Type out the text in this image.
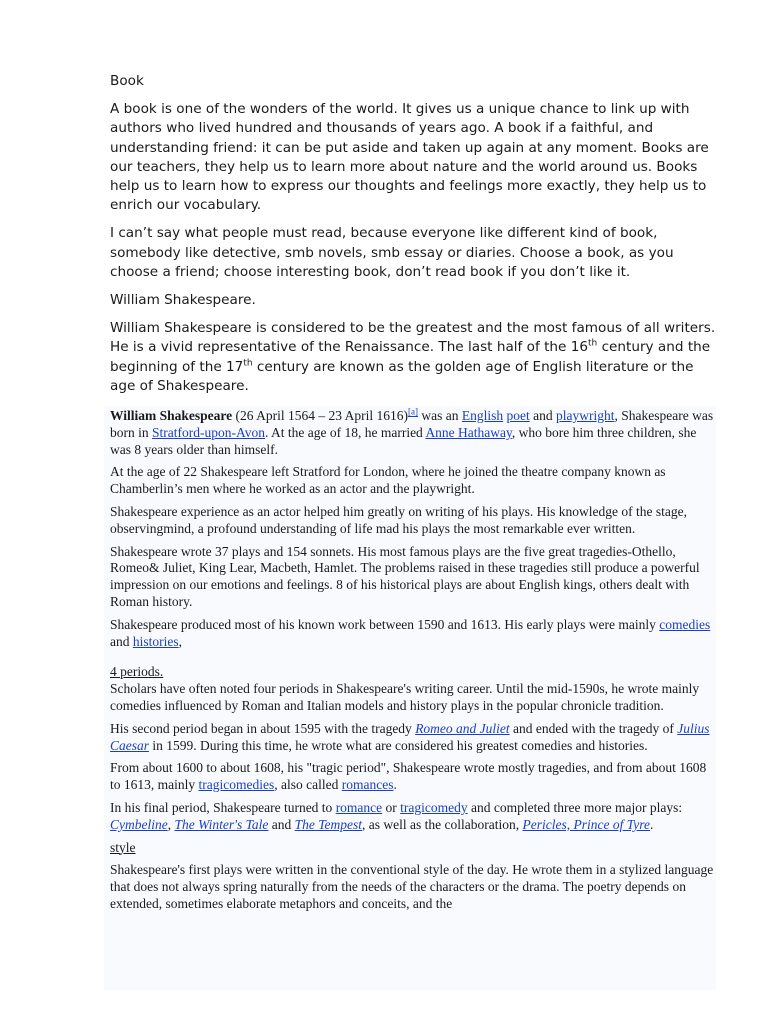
Book

A book is one of the wonders of the world. It gives us a unique chance to link up with authors who lived hundred and thousands of years ago. A book if a faithful, and understanding friend: it can be put aside and taken up again at any moment. Books are our teachers, they help us to learn more about nature and the world around us. Books help us to learn how to express our thoughts and feelings more exactly, they help us to enrich our vocabulary.

I can’t say what people must read, because everyone like different kind of book, somebody like detective, smb novels, smb essay or diaries. Choose a book, as you choose a friend; choose interesting book, don’t read book if you don’t like it.

William Shakespeare.

William Shakespeare is considered to be the greatest and the most famous of all writers. He is a vivid representative of the Renaissance. The last half of the 16th century and the beginning of the 17th century are known as the golden age of English literature or the age of Shakespeare.

William Shakespeare (26 April 1564 – 23 April 1616)[a] was an English poet and playwright, Shakespeare was born in Stratford-upon-Avon. At the age of 18, he married Anne Hathaway, who bore him three children, she was 8 years older than himself.

At the age of 22 Shakespeare left Stratford for London, where he joined the theatre company known as Chamberlin’s men where he worked as an actor and the playwright.

Shakespeare experience as an actor helped him greatly on writing of his plays. His knowledge of the stage, observingmind, a profound understanding of life mad his plays the most remarkable ever written.

Shakespeare wrote 37 plays and 154 sonnets. His most famous plays are the five great tragedies-Othello, Romeo& Juliet, King Lear, Macbeth, Hamlet. The problems raised in these tragedies still produce a powerful impression on our emotions and feelings. 8 of his historical plays are about English kings, others dealt with Roman history.

Shakespeare produced most of his known work between 1590 and 1613. His early plays were mainly comedies and histories,

4 periods.

Scholars have often noted four periods in Shakespeare's writing career. Until the mid-1590s, he wrote mainly comedies influenced by Roman and Italian models and history plays in the popular chronicle tradition.

His second period began in about 1595 with the tragedy Romeo and Juliet and ended with the tragedy of Julius Caesar in 1599. During this time, he wrote what are considered his greatest comedies and histories.

From about 1600 to about 1608, his "tragic period", Shakespeare wrote mostly tragedies, and from about 1608 to 1613, mainly tragicomedies, also called romances.

In his final period, Shakespeare turned to romance or tragicomedy and completed three more major plays: Cymbeline, The Winter's Tale and The Tempest, as well as the collaboration, Pericles, Prince of Tyre.

style

Shakespeare's first plays were written in the conventional style of the day. He wrote them in a stylized language that does not always spring naturally from the needs of the characters or the drama. The poetry depends on extended, sometimes elaborate metaphors and conceits, and the
